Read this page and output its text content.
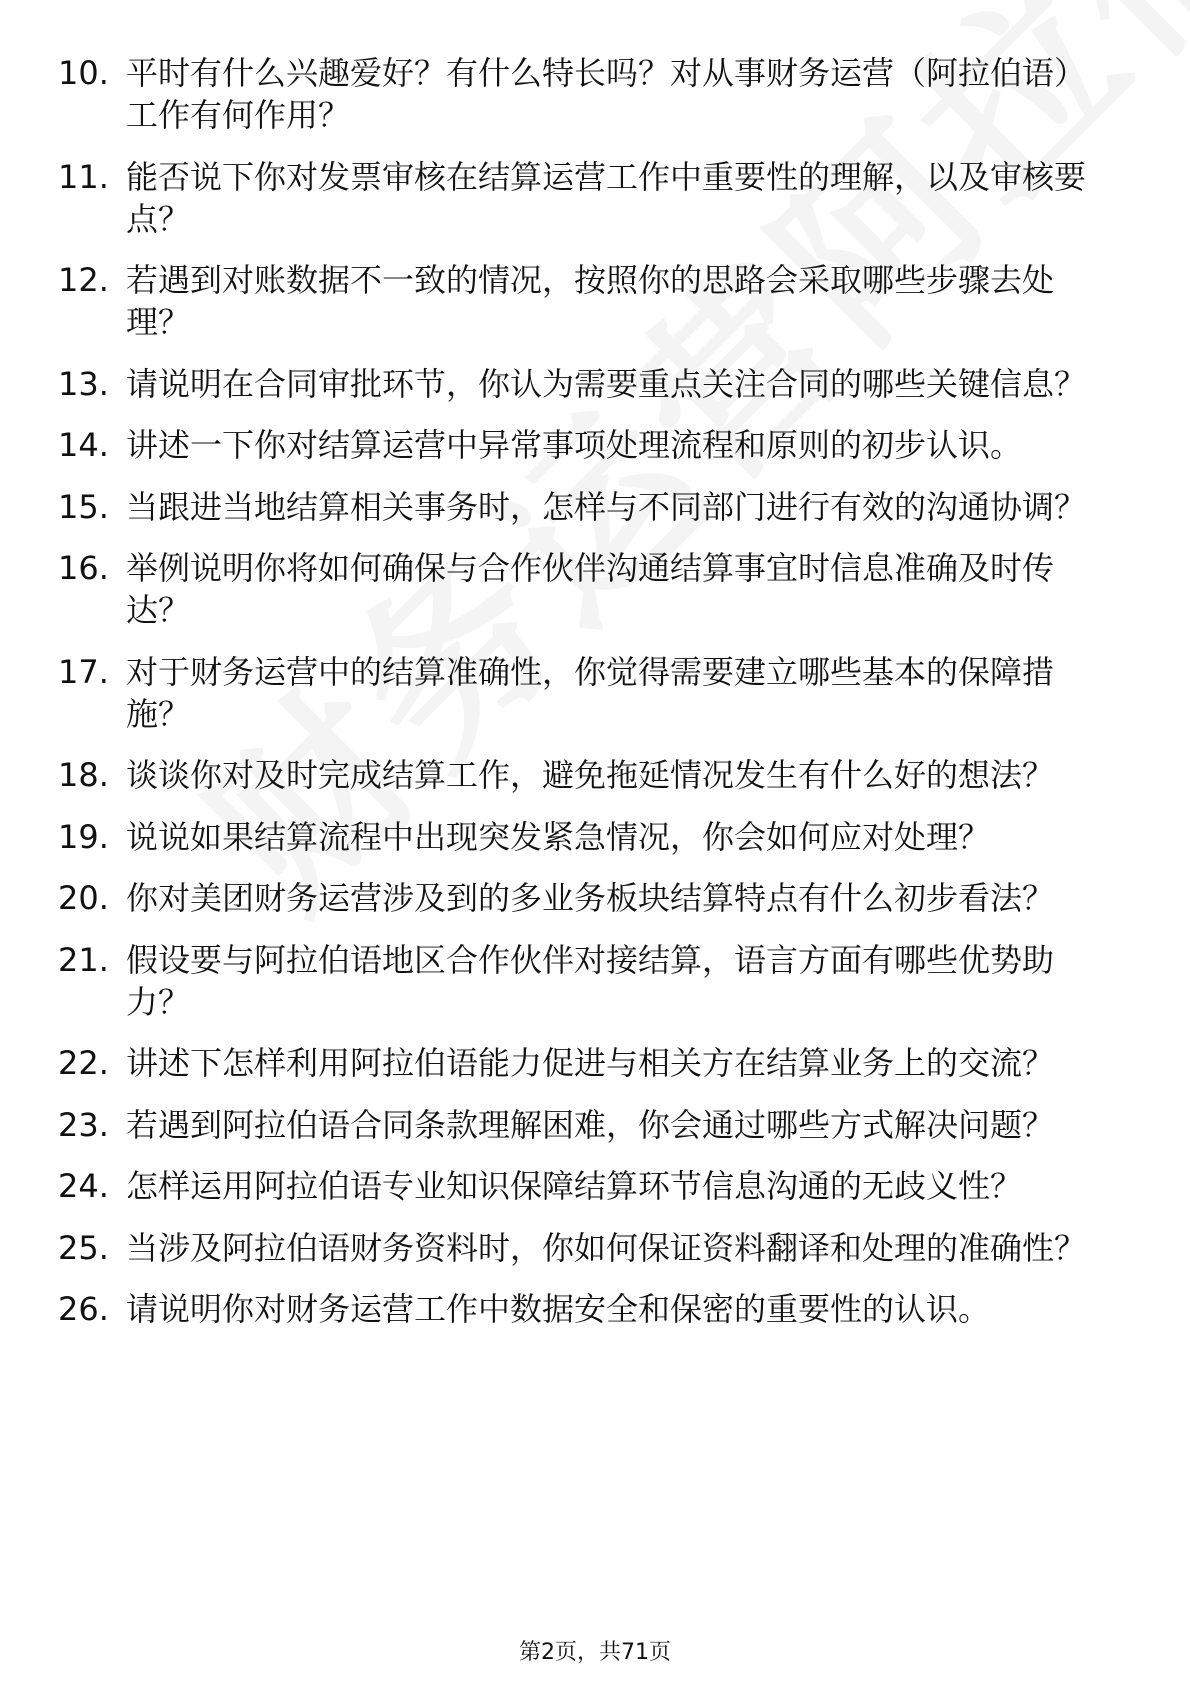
10. 平时有什么兴趣爱好？有什么特长吗？对从事财务运营（阿拉伯语）工作有何作用？
11. 能否说下你对发票审核在结算运营工作中重要性的理解，以及审核要点？
12. 若遇到对账数据不一致的情况，按照你的思路会采取哪些步骤去处理？
13. 请说明在合同审批环节，你认为需要重点关注合同的哪些关键信息？
14. 讲述一下你对结算运营中异常事项处理流程和原则的初步认识。
15. 当跟进当地结算相关事务时，怎样与不同部门进行有效的沟通协调？
16. 举例说明你将如何确保与合作伙伴沟通结算事宜时信息准确及时传达？
17. 对于财务运营中的结算准确性，你觉得需要建立哪些基本的保障措施？
18. 谈谈你对及时完成结算工作，避免拖延情况发生有什么好的想法？
19. 说说如果结算流程中出现突发紧急情况，你会如何应对处理？
20. 你对美团财务运营涉及到的多业务板块结算特点有什么初步看法？
21. 假设要与阿拉伯语地区合作伙伴对接结算，语言方面有哪些优势助力？
22. 讲述下怎样利用阿拉伯语能力促进与相关方在结算业务上的交流？
23. 若遇到阿拉伯语合同条款理解困难，你会通过哪些方式解决问题？
24. 怎样运用阿拉伯语专业知识保障结算环节信息沟通的无歧义性？
25. 当涉及阿拉伯语财务资料时，你如何保证资料翻译和处理的准确性？
26. 请说明你对财务运营工作中数据安全和保密的重要性的认识。
第2页，共71页
